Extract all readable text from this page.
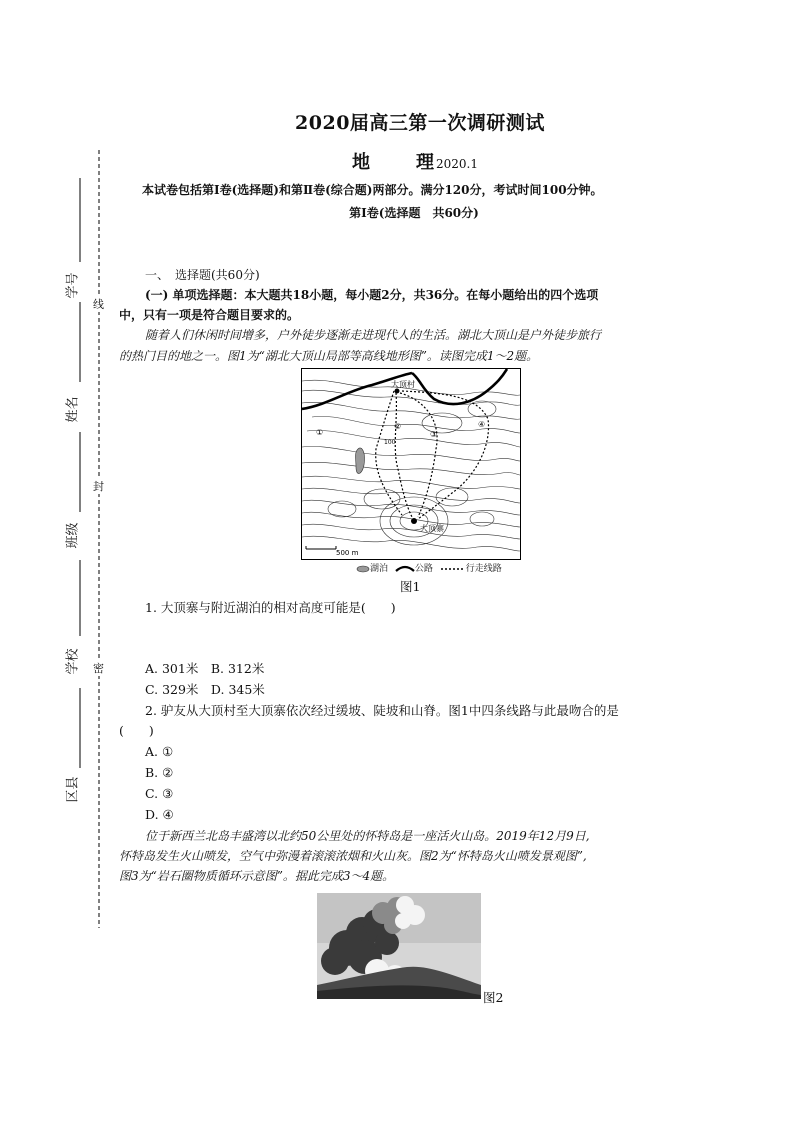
2020届高三第一次调研测试
地	理 2020.1
本试卷包括第Ⅰ卷(选择题)和第Ⅱ卷(综合题)两部分。满分120分，考试时间100分钟。
第Ⅰ卷(选择题　共60分)
学号
姓名
班级
学校
区县
线
封
密
一、　选择题(共60分)
(一) 单项选择题：本大题共18小题，每小题2分，共36分。在每小题给出的四个选项
中，只有一项是符合题目要求的。
随着人们休闲时间增多，户外徒步逐渐走进现代人的生活。湖北大顶山是户外徒步旅行
的热门目的地之一。图1为“湖北大顶山局部等高线地形图”。读图完成1～2题。
大顶村
大顶寨
100
①
②
③
④
500 m
湖泊	公路	行走线路
图1
1. 大顶寨与附近湖泊的相对高度可能是(　　)
A. 301米　B. 312米
C. 329米　D. 345米
2. 驴友从大顶村至大顶寨依次经过缓坡、陡坡和山脊。图1中四条线路与此最吻合的是
(　　)
A. ①
B. ②
C. ③
D. ④
位于新西兰北岛丰盛湾以北约50公里处的怀特岛是一座活火山岛。2019年12月9日,
怀特岛发生火山喷发，空气中弥漫着滚滚浓烟和火山灰。图2为“怀特岛火山喷发景观图”,
图3为“岩石圈物质循环示意图”。据此完成3～4题。
图2
